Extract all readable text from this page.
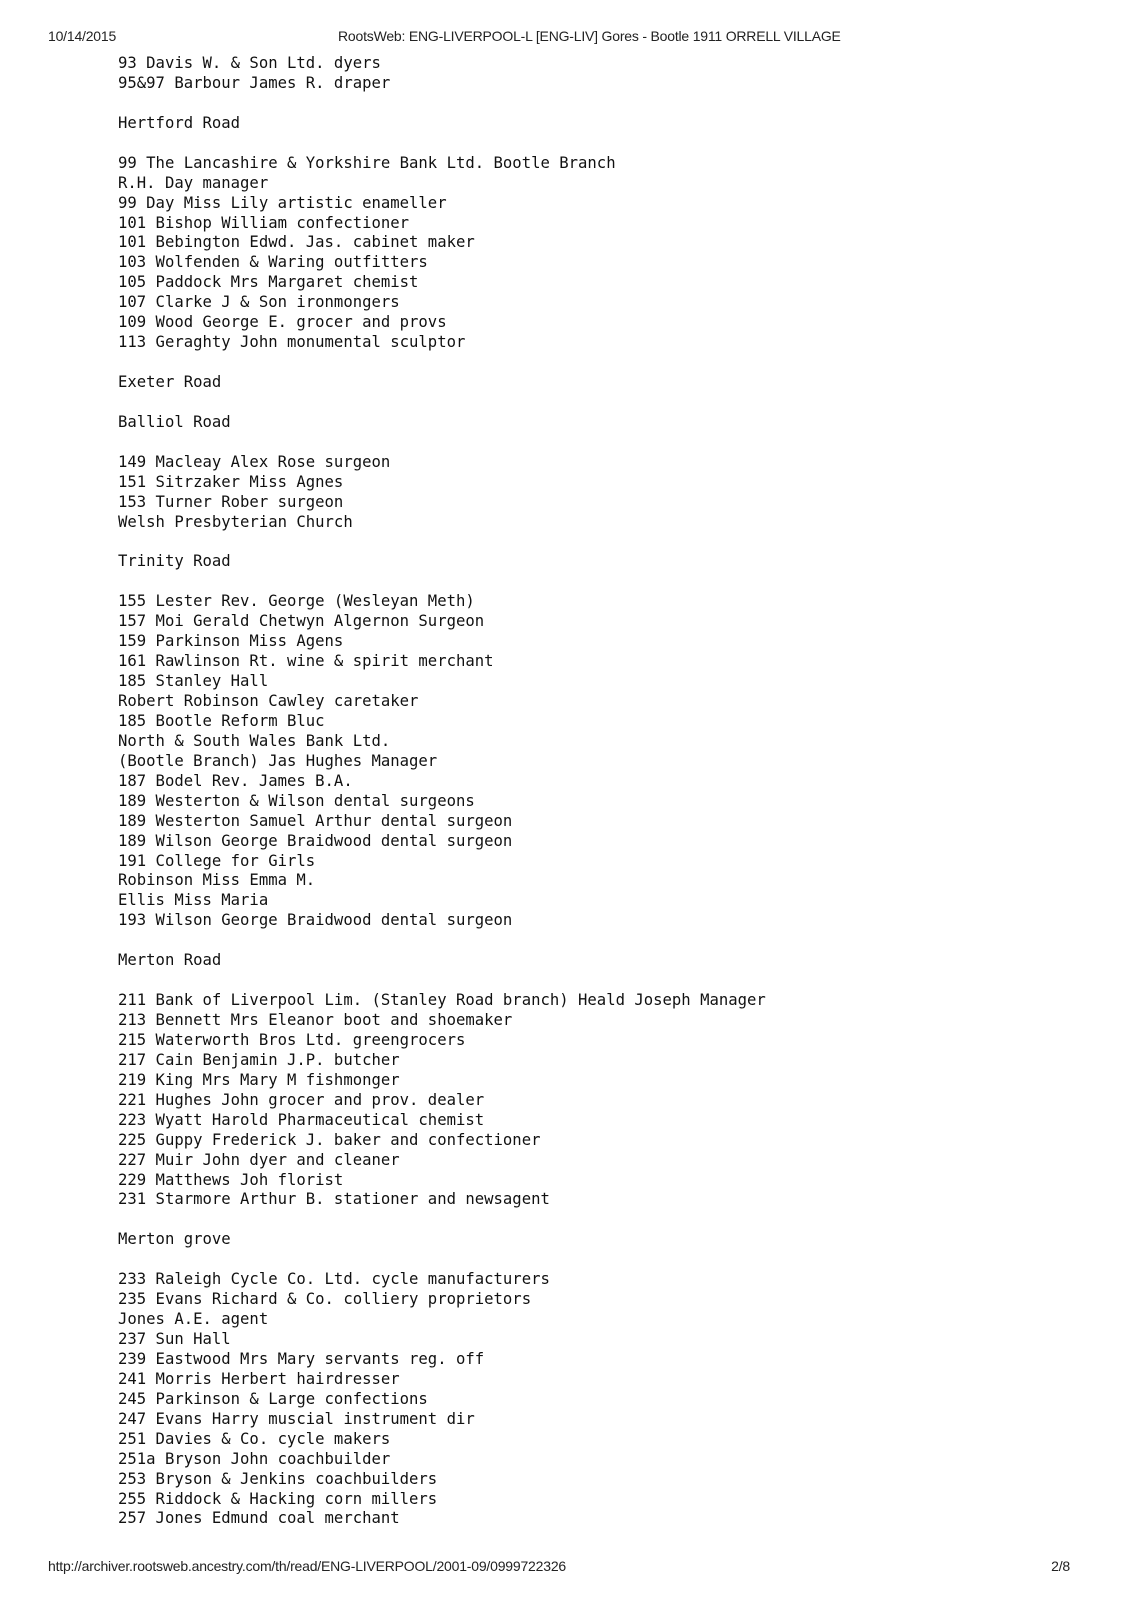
10/14/2015	RootsWeb: ENG-LIVERPOOL-L [ENG-LIV] Gores - Bootle 1911 ORRELL VILLAGE
93 Davis W. & Son Ltd. dyers
95&97 Barbour James R. draper
Hertford Road
99 The Lancashire & Yorkshire Bank Ltd. Bootle Branch
R.H. Day manager
99 Day Miss Lily artistic enameller
101 Bishop William confectioner
101 Bebington Edwd. Jas. cabinet maker
103 Wolfenden & Waring outfitters
105 Paddock Mrs Margaret chemist
107 Clarke J & Son ironmongers
109 Wood George E. grocer and provs
113 Geraghty John monumental sculptor
Exeter Road
Balliol Road
149 Macleay Alex Rose surgeon
151 Sitrzaker Miss Agnes
153 Turner Rober surgeon
Welsh Presbyterian Church
Trinity Road
155 Lester Rev. George (Wesleyan Meth)
157 Moi Gerald Chetwyn Algernon Surgeon
159 Parkinson Miss Agens
161 Rawlinson Rt. wine & spirit merchant
185 Stanley Hall
Robert Robinson Cawley caretaker
185 Bootle Reform Bluc
North & South Wales Bank Ltd.
(Bootle Branch) Jas Hughes Manager
187 Bodel Rev. James B.A.
189 Westerton & Wilson dental surgeons
189 Westerton Samuel Arthur dental surgeon
189 Wilson George Braidwood dental surgeon
191 College for Girls
Robinson Miss Emma M.
Ellis Miss Maria
193 Wilson George Braidwood dental surgeon
Merton Road
211 Bank of Liverpool Lim. (Stanley Road branch) Heald Joseph Manager
213 Bennett Mrs Eleanor boot and shoemaker
215 Waterworth Bros Ltd. greengrocers
217 Cain Benjamin J.P. butcher
219 King Mrs Mary M fishmonger
221 Hughes John grocer and prov. dealer
223 Wyatt Harold Pharmaceutical chemist
225 Guppy Frederick J. baker and confectioner
227 Muir John dyer and cleaner
229 Matthews Joh florist
231 Starmore Arthur B. stationer and newsagent
Merton grove
233 Raleigh Cycle Co. Ltd. cycle manufacturers
235 Evans Richard & Co. colliery proprietors
Jones A.E. agent
237 Sun Hall
239 Eastwood Mrs Mary servants reg. off
241 Morris Herbert hairdresser
245 Parkinson & Large confections
247 Evans Harry muscial instrument dir
251 Davies & Co. cycle makers
251a Bryson John coachbuilder
253 Bryson & Jenkins coachbuilders
255 Riddock & Hacking corn millers
257 Jones Edmund coal merchant
http://archiver.rootsweb.ancestry.com/th/read/ENG-LIVERPOOL/2001-09/0999722326	2/8
